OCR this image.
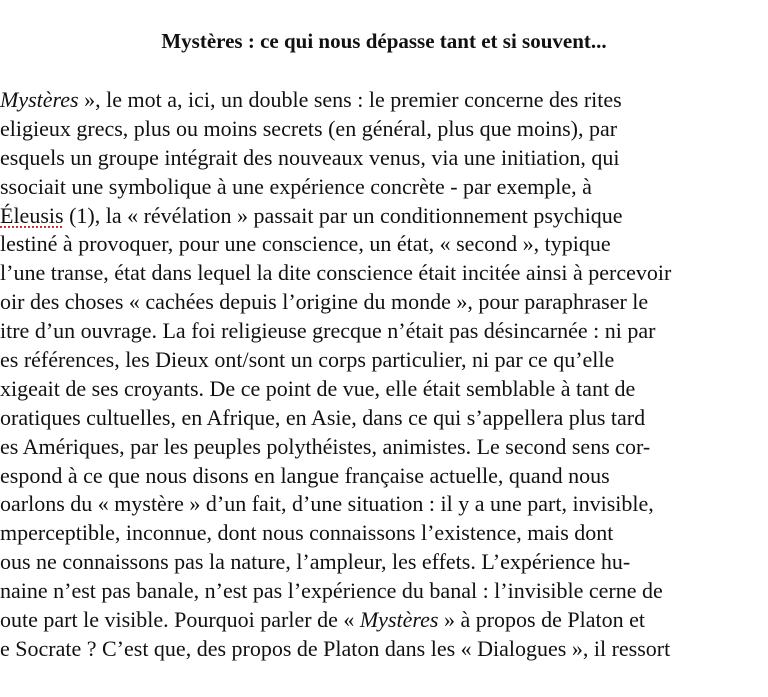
Mystères : ce qui nous dépasse tant et si souvent...
Mystères », le mot a, ici, un double sens : le premier concerne des rites
eligieux grecs, plus ou moins secrets (en général, plus que moins), par
esquels un groupe intégrait des nouveaux venus, via une initiation, qui
ssociait une symbolique à une expérience concrète - par exemple, à
Éleusis (1), la « révélation » passait par un conditionnement psychique
lestiné à provoquer, pour une conscience, un état, « second », typique
l’une transe, état dans lequel la dite conscience était incitée ainsi à percevoir
oir des choses « cachées depuis l’origine du monde », pour paraphraser le
itre d’un ouvrage. La foi religieuse grecque n’était pas désincarnée : ni par
es références, les Dieux ont/sont un corps particulier, ni par ce qu’elle
xigeait de ses croyants. De ce point de vue, elle était semblable à tant de
oratiques cultuelles, en Afrique, en Asie, dans ce qui s’appellera plus tard
es Amériques, par les peuples polythéistes, animistes. Le second sens cor-
espond à ce que nous disons en langue française actuelle, quand nous
oarlons du « mystère » d’un fait, d’une situation : il y a une part, invisible,
mperceptible, inconnue, dont nous connaissons l’existence, mais dont
ous ne connaissons pas la nature, l’ampleur, les effets. L’expérience hu-
naine n’est pas banale, n’est pas l’expérience du banal : l’invisible cerne de
oute part le visible. Pourquoi parler de « Mystères » à propos de Platon et
e Socrate ? C’est que, des propos de Platon dans les « Dialogues », il ressort
